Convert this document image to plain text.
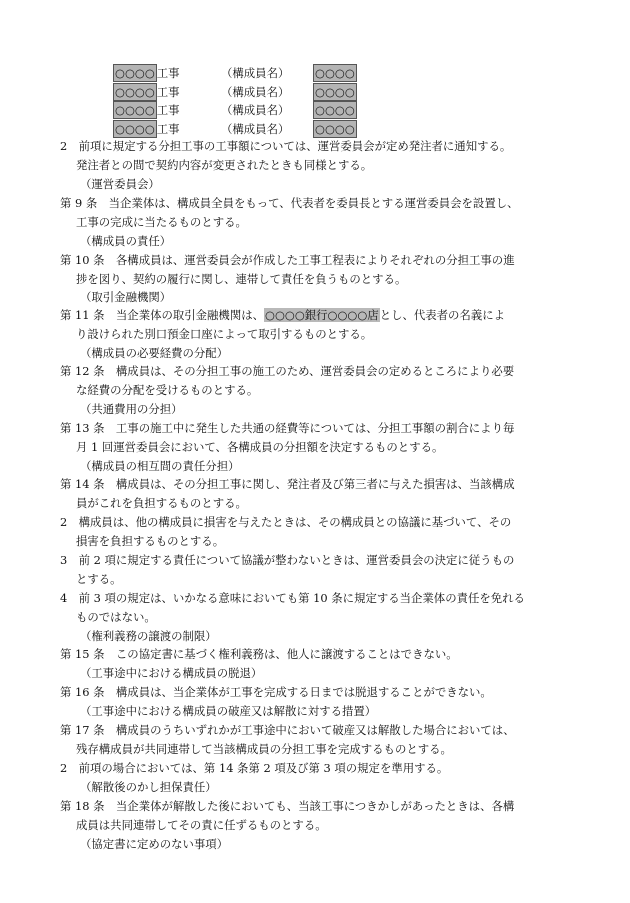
○○○○ 工事	（構成員名） ○○○○
○○○○ 工事	（構成員名） ○○○○
○○○○ 工事	（構成員名） ○○○○
○○○○ 工事	（構成員名） ○○○○
2　前項に規定する分担工事の工事額については、運営委員会が定め発注者に通知する。
発注者との間で契約内容が変更されたときも同様とする。
（運営委員会）
第 9 条　当企業体は、構成員全員をもって、代表者を委員長とする運営委員会を設置し、
工事の完成に当たるものとする。
（構成員の責任）
第 10 条　各構成員は、運営委員会が作成した工事工程表によりそれぞれの分担工事の進
捗を図り、契約の履行に関し、連帯して責任を負うものとする。
（取引金融機関）
第 11 条　当企業体の取引金融機関は、○○○○銀行○○○○店とし、代表者の名義によ
り設けられた別口預金口座によって取引するものとする。
（構成員の必要経費の分配）
第 12 条　構成員は、その分担工事の施工のため、運営委員会の定めるところにより必要
な経費の分配を受けるものとする。
（共通費用の分担）
第 13 条　工事の施工中に発生した共通の経費等については、分担工事額の割合により毎
月 1 回運営委員会において、各構成員の分担額を決定するものとする。
（構成員の相互間の責任分担）
第 14 条　構成員は、その分担工事に関し、発注者及び第三者に与えた損害は、当該構成
員がこれを負担するものとする。
2　構成員は、他の構成員に損害を与えたときは、その構成員との協議に基づいて、その
損害を負担するものとする。
3　前 2 項に規定する責任について協議が整わないときは、運営委員会の決定に従うもの
とする。
4　前 3 項の規定は、いかなる意味においても第 10 条に規定する当企業体の責任を免れる
ものではない。
（権利義務の譲渡の制限）
第 15 条　この協定書に基づく権利義務は、他人に譲渡することはできない。
（工事途中における構成員の脱退）
第 16 条　構成員は、当企業体が工事を完成する日までは脱退することができない。
（工事途中における構成員の破産又は解散に対する措置）
第 17 条　構成員のうちいずれかが工事途中において破産又は解散した場合においては、
残存構成員が共同連帯して当該構成員の分担工事を完成するものとする。
2　前項の場合においては、第 14 条第 2 項及び第 3 項の規定を準用する。
（解散後のかし担保責任）
第 18 条　当企業体が解散した後においても、当該工事につきかしがあったときは、各構
成員は共同連帯してその責に任ずるものとする。
（協定書に定めのない事項）
